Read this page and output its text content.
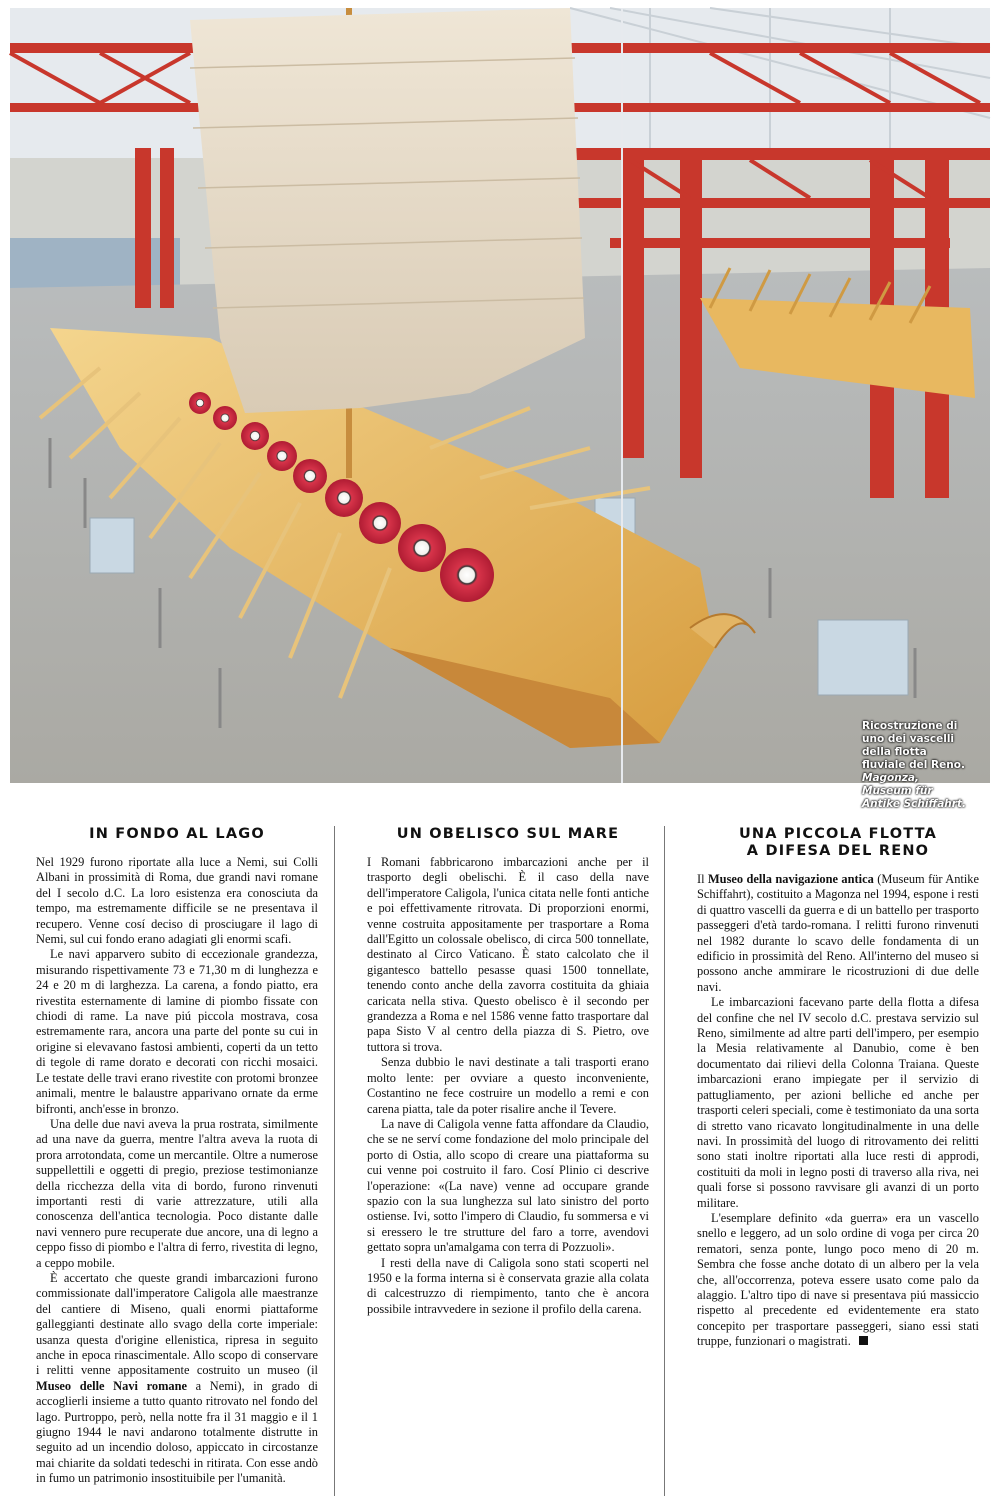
Ricostruzione di uno dei vascelli della flotta fluviale del Reno.
Magonza, Museum für Antike Schiffahrt.
IN FONDO AL LAGO

Nel 1929 furono riportate alla luce a Nemi, sui Colli Albani in prossimità di Roma, due grandi navi romane del I secolo d.C. La loro esistenza era conosciuta da tempo, ma estremamente difficile se ne presentava il recupero. Venne cosí deciso di prosciugare il lago di Nemi, sul cui fondo erano adagiati gli enormi scafi.

Le navi apparvero subito di eccezionale grandezza, misurando rispettivamente 73 e 71,30 m di lunghezza e 24 e 20 m di larghezza. La carena, a fondo piatto, era rivestita esternamente di lamine di piombo fissate con chiodi di rame. La nave piú piccola mostrava, cosa estremamente rara, ancora una parte del ponte su cui in origine si elevavano fastosi ambienti, coperti da un tetto di tegole di rame dorato e decorati con ricchi mosaici. Le testate delle travi erano rivestite con protomi bronzee animali, mentre le balaustre apparivano ornate da erme bifronti, anch'esse in bronzo.

Una delle due navi aveva la prua rostrata, similmente ad una nave da guerra, mentre l'altra aveva la ruota di prora arrotondata, come un mercantile. Oltre a numerose suppellettili e oggetti di pregio, preziose testimonianze della ricchezza della vita di bordo, furono rinvenuti importanti resti di varie attrezzature, utili alla conoscenza dell'antica tecnologia. Poco distante dalle navi vennero pure recuperate due ancore, una di legno a ceppo fisso di piombo e l'altra di ferro, rivestita di legno, a ceppo mobile.

È accertato che queste grandi imbarcazioni furono commissionate dall'imperatore Caligola alle maestranze del cantiere di Miseno, quali enormi piattaforme galleggianti destinate allo svago della corte imperiale: usanza questa d'origine ellenistica, ripresa in seguito anche in epoca rinascimentale. Allo scopo di conservare i relitti venne appositamente costruito un museo (il Museo delle Navi romane a Nemi), in grado di accoglierli insieme a tutto quanto ritrovato nel fondo del lago. Purtroppo, però, nella notte fra il 31 maggio e il 1 giugno 1944 le navi andarono totalmente distrutte in seguito ad un incendio doloso, appiccato in circostanze mai chiarite da soldati tedeschi in ritirata. Con esse andò in fumo un patrimonio insostituibile per l'umanità.

UN OBELISCO SUL MARE

I Romani fabbricarono imbarcazioni anche per il trasporto degli obelischi. È il caso della nave dell'imperatore Caligola, l'unica citata nelle fonti antiche e poi effettivamente ritrovata. Di proporzioni enormi, venne costruita appositamente per trasportare a Roma dall'Egitto un colossale obelisco, di circa 500 tonnellate, destinato al Circo Vaticano. È stato calcolato che il gigantesco battello pesasse quasi 1500 tonnellate, tenendo conto anche della zavorra costituita da ghiaia caricata nella stiva. Questo obelisco è il secondo per grandezza a Roma e nel 1586 venne fatto trasportare dal papa Sisto V al centro della piazza di S. Pietro, ove tuttora si trova.

Senza dubbio le navi destinate a tali trasporti erano molto lente: per ovviare a questo inconveniente, Costantino ne fece costruire un modello a remi e con carena piatta, tale da poter risalire anche il Tevere.

La nave di Caligola venne fatta affondare da Claudio, che se ne serví come fondazione del molo principale del porto di Ostia, allo scopo di creare una piattaforma su cui venne poi costruito il faro. Cosí Plinio ci descrive l'operazione: «(La nave) venne ad occupare grande spazio con la sua lunghezza sul lato sinistro del porto ostiense. Ivi, sotto l'impero di Claudio, fu sommersa e vi si eressero le tre strutture del faro a torre, avendovi gettato sopra un'amalgama con terra di Pozzuoli».

I resti della nave di Caligola sono stati scoperti nel 1950 e la forma interna si è conservata grazie alla colata di calcestruzzo di riempimento, tanto che è ancora possibile intravvedere in sezione il profilo della carena.

UNA PICCOLA FLOTTA
A DIFESA DEL RENO

Il Museo della navigazione antica (Museum für Antike Schiffahrt), costituito a Magonza nel 1994, espone i resti di quattro vascelli da guerra e di un battello per trasporto passeggeri d'età tardo-romana. I relitti furono rinvenuti nel 1982 durante lo scavo delle fondamenta di un edificio in prossimità del Reno. All'interno del museo si possono anche ammirare le ricostruzioni di due delle navi.

Le imbarcazioni facevano parte della flotta a difesa del confine che nel IV secolo d.C. prestava servizio sul Reno, similmente ad altre parti dell'impero, per esempio la Mesia relativamente al Danubio, come è ben documentato dai rilievi della Colonna Traiana. Queste imbarcazioni erano impiegate per il servizio di pattugliamento, per azioni belliche ed anche per trasporti celeri speciali, come è testimoniato da una sorta di stretto vano ricavato longitudinalmente in una delle navi. In prossimità del luogo di ritrovamento dei relitti sono stati inoltre riportati alla luce resti di approdi, costituiti da moli in legno posti di traverso alla riva, nei quali forse si possono ravvisare gli avanzi di un porto militare.

L'esemplare definito «da guerra» era un vascello snello e leggero, ad un solo ordine di voga per circa 20 rematori, senza ponte, lungo poco meno di 20 m. Sembra che fosse anche dotato di un albero per la vela che, all'occorrenza, poteva essere usato come palo da alaggio. L'altro tipo di nave si presentava piú massiccio rispetto al precedente ed evidentemente era stato concepito per trasportare passeggeri, siano essi stati truppe, funzionari o magistrati.
